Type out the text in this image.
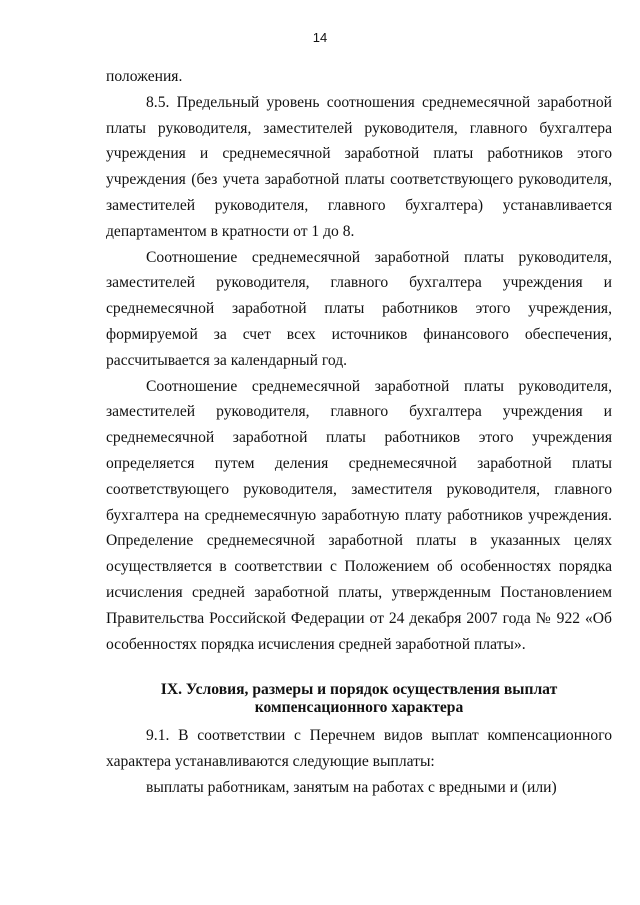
14

положения.

8.5. Предельный уровень соотношения среднемесячной заработной платы руководителя, заместителей руководителя, главного бухгалтера учреждения и среднемесячной заработной платы работников этого учреждения (без учета заработной платы соответствующего руководителя, заместителей руководителя, главного бухгалтера) устанавливается департаментом в кратности от 1 до 8.

Соотношение среднемесячной заработной платы руководителя, заместителей руководителя, главного бухгалтера учреждения и среднемесячной заработной платы работников этого учреждения, формируемой за счет всех источников финансового обеспечения, рассчитывается за календарный год.

Соотношение среднемесячной заработной платы руководителя, заместителей руководителя, главного бухгалтера учреждения и среднемесячной заработной платы работников этого учреждения определяется путем деления среднемесячной заработной платы соответствующего руководителя, заместителя руководителя, главного бухгалтера на среднемесячную заработную плату работников учреждения. Определение среднемесячной заработной платы в указанных целях осуществляется в соответствии с Положением об особенностях порядка исчисления средней заработной платы, утвержденным Постановлением Правительства Российской Федерации от 24 декабря 2007 года № 922 «Об особенностях порядка исчисления средней заработной платы».

IX. Условия, размеры и порядок осуществления выплат
компенсационного характера

9.1. В соответствии с Перечнем видов выплат компенсационного характера устанавливаются следующие выплаты:

выплаты работникам, занятым на работах с вредными и (или)
